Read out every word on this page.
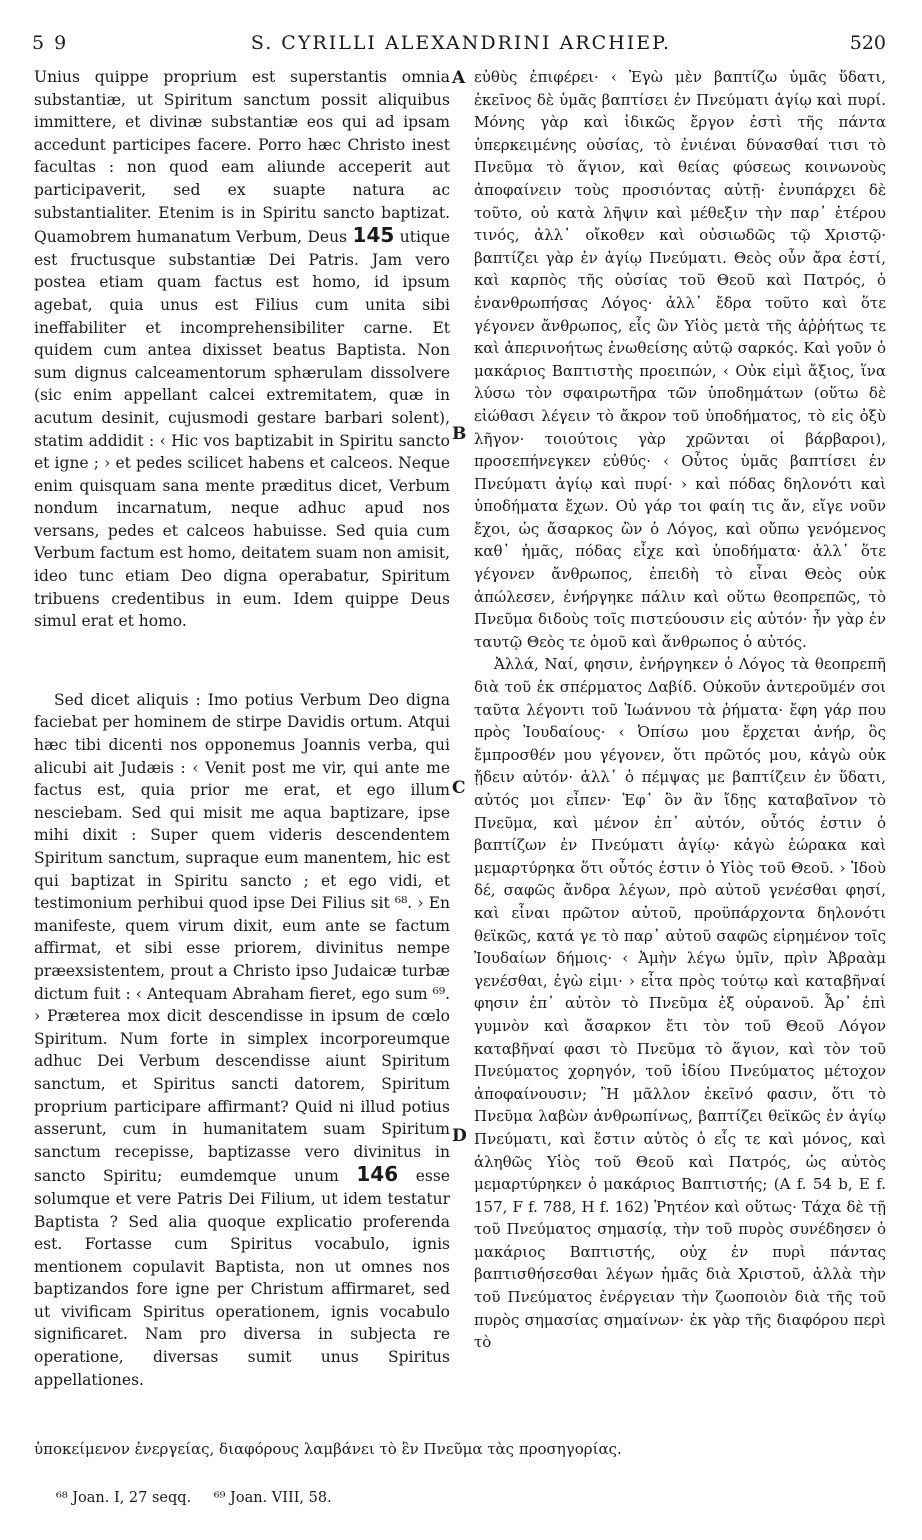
5 9	S. CYRILLI ALEXANDRINI ARCHIEP.	520

Unius quippe proprium est superstantis omnia substantiæ, ut Spiritum sanctum possit aliquibus immittere, et divinæ substantiæ eos qui ad ipsam accedunt participes facere. Porro hæc Christo inest facultas : non quod eam aliunde acceperit aut participaverit, sed ex suapte natura ac substantialiter. Etenim is in Spiritu sancto baptizat. Quamobrem humanatum Verbum, Deus 145 utique est fructusque substantiæ Dei Patris. Jam vero postea etiam quam factus est homo, id ipsum agebat, quia unus est Filius cum unita sibi ineffabiliter et incomprehensibiliter carne. Et quidem cum antea dixisset beatus Baptista. Non sum dignus calceamentorum sphærulam dissolvere (sic enim appellant calcei extremitatem, quæ in acutum desinit, cujusmodi gestare barbari solent), statim addidit : ‹ Hic vos baptizabit in Spiritu sancto et igne ; › et pedes scilicet habens et calceos. Neque enim quisquam sana mente præditus dicet, Verbum nondum incarnatum, neque adhuc apud nos versans, pedes et calceos habuisse. Sed quia cum Verbum factum est homo, deitatem suam non amisit, ideo tunc etiam Deo digna operabatur, Spiritum tribuens credentibus in eum. Idem quippe Deus simul erat et homo.

Sed dicet aliquis : Imo potius Verbum Deo digna faciebat per hominem de stirpe Davidis ortum. Atqui hæc tibi dicenti nos opponemus Joannis verba, qui alicubi ait Judæis : ‹ Venit post me vir, qui ante me factus est, quia prior me erat, et ego illum nesciebam. Sed qui misit me aqua baptizare, ipse mihi dixit : Super quem videris descendentem Spiritum sanctum, supraque eum manentem, hic est qui baptizat in Spiritu sancto ; et ego vidi, et testimonium perhibui quod ipse Dei Filius sit ⁶⁸. › En manifeste, quem virum dixit, eum ante se factum affirmat, et sibi esse priorem, divinitus nempe præexsistentem, prout a Christo ipso Judaicæ turbæ dictum fuit : ‹ Antequam Abraham fieret, ego sum ⁶⁹. › Præterea mox dicit descendisse in ipsum de cœlo Spiritum. Num forte in simplex incorporeumque adhuc Dei Verbum descendisse aiunt Spiritum sanctum, et Spiritus sancti datorem, Spiritum proprium participare affirmant? Quid ni illud potius asserunt, cum in humanitatem suam Spiritum sanctum recepisse, baptizasse vero divinitus in sancto Spiritu; eumdemque unum 146 esse solumque et vere Patris Dei Filium, ut idem testatur Baptista ? Sed alia quoque explicatio proferenda est. Fortasse cum Spiritus vocabulo, ignis mentionem copulavit Baptista, non ut omnes nos baptizandos fore igne per Christum affirmaret, sed ut vivificam Spiritus operationem, ignis vocabulo significaret. Nam pro diversa in subjecta re operatione, diversas sumit unus Spiritus appellationes.

A
B
C
D

εὐθὺς ἐπιφέρει· ‹ Ἐγὼ μὲν βαπτίζω ὑμᾶς ὕδατι, ἐκεῖνος δὲ ὑμᾶς βαπτίσει ἐν Πνεύματι ἁγίῳ καὶ πυρί. Μόνης γὰρ καὶ ἰδικῶς ἔργον ἐστὶ τῆς πάντα ὑπερκειμένης οὐσίας, τὸ ἐνιέναι δύνασθαί τισι τὸ Πνεῦμα τὸ ἅγιον, καὶ θείας φύσεως κοινωνοὺς ἀποφαίνειν τοὺς προσιόντας αὐτῇ· ἐνυπάρχει δὲ τοῦτο, οὐ κατὰ λῆψιν καὶ μέθεξιν τὴν παρ᾽ ἑτέρου τινός, ἀλλ᾽ οἴκοθεν καὶ οὐσιωδῶς τῷ Χριστῷ· βαπτίζει γὰρ ἐν ἁγίῳ Πνεύματι. Θεὸς οὖν ἄρα ἐστί, καὶ καρπὸς τῆς οὐσίας τοῦ Θεοῦ καὶ Πατρός, ὁ ἐνανθρωπήσας Λόγος· ἀλλ᾽ ἔδρα τοῦτο καὶ ὅτε γέγονεν ἄνθρωπος, εἷς ὢν Υἱὸς μετὰ τῆς ἀῤῥήτως τε καὶ ἀπερινοήτως ἑνωθείσης αὐτῷ σαρκός. Καὶ γοῦν ὁ μακάριος Βαπτιστὴς προειπών, ‹ Οὐκ εἰμὶ ἄξιος, ἵνα λύσω τὸν σφαιρωτῆρα τῶν ὑποδημάτων (οὕτω δὲ εἰώθασι λέγειν τὸ ἄκρον τοῦ ὑποδήματος, τὸ εἰς ὀξὺ λῆγον· τοιούτοις γὰρ χρῶνται οἱ βάρβαροι), προσεπήνεγκεν εὐθύς· ‹ Οὗτος ὑμᾶς βαπτίσει ἐν Πνεύματι ἁγίῳ καὶ πυρί· › καὶ πόδας δηλονότι καὶ ὑποδήματα ἔχων. Οὐ γάρ τοι φαίη τις ἄν, εἴγε νοῦν ἔχοι, ὡς ἄσαρκος ὢν ὁ Λόγος, καὶ οὔπω γενόμενος καθ᾽ ἡμᾶς, πόδας εἶχε καὶ ὑποδήματα· ἀλλ᾽ ὅτε γέγονεν ἄνθρωπος, ἐπειδὴ τὸ εἶναι Θεὸς οὐκ ἀπώλεσεν, ἐνήργηκε πάλιν καὶ οὕτω θεοπρεπῶς, τὸ Πνεῦμα διδοὺς τοῖς πιστεύουσιν εἰς αὐτόν· ἦν γὰρ ἐν ταυτῷ Θεὸς τε ὁμοῦ καὶ ἄνθρωπος ὁ αὐτός.

Ἀλλά, Ναί, φησιν, ἐνήργηκεν ὁ Λόγος τὰ θεοπρεπῆ διὰ τοῦ ἐκ σπέρματος Δαβίδ. Οὐκοῦν ἀντεροῦμέν σοι ταῦτα λέγοντι τοῦ Ἰωάννου τὰ ῥήματα· ἔφη γάρ που πρὸς Ἰουδαίους· ‹ Ὀπίσω μου ἔρχεται ἀνήρ, ὃς ἔμπροσθέν μου γέγονεν, ὅτι πρῶτός μου, κἀγὼ οὐκ ᾔδειν αὐτόν· ἀλλ᾽ ὁ πέμψας με βαπτίζειν ἐν ὕδατι, αὐτός μοι εἶπεν· Ἐφ᾽ ὃν ἂν ἴδῃς καταβαῖνον τὸ Πνεῦμα, καὶ μένον ἐπ᾽ αὐτόν, οὗτός ἐστιν ὁ βαπτίζων ἐν Πνεύματι ἁγίῳ· κἀγὼ ἑώρακα καὶ μεμαρτύρηκα ὅτι οὗτός ἐστιν ὁ Υἱὸς τοῦ Θεοῦ. › Ἰδοὺ δέ, σαφῶς ἄνδρα λέγων, πρὸ αὐτοῦ γενέσθαι φησί, καὶ εἶναι πρῶτον αὐτοῦ, προϋπάρχοντα δηλονότι θεϊκῶς, κατά γε τὸ παρ᾽ αὐτοῦ σαφῶς εἰρημένον τοῖς Ἰουδαίων δήμοις· ‹ Ἀμὴν λέγω ὑμῖν, πρὶν Ἀβραὰμ γενέσθαι, ἐγὼ εἰμι· › εἶτα πρὸς τούτῳ καὶ καταβῆναί φησιν ἐπ᾽ αὐτὸν τὸ Πνεῦμα ἐξ οὐρανοῦ. Ἆρ᾽ ἐπὶ γυμνὸν καὶ ἄσαρκον ἔτι τὸν τοῦ Θεοῦ Λόγον καταβῆναί φασι τὸ Πνεῦμα τὸ ἅγιον, καὶ τὸν τοῦ Πνεύματος χορηγόν, τοῦ ἰδίου Πνεύματος μέτοχον ἀποφαίνουσιν; Ἢ μᾶλλον ἐκεῖνό φασιν, ὅτι τὸ Πνεῦμα λαβὼν ἀνθρωπίνως, βαπτίζει θεϊκῶς ἐν ἁγίῳ Πνεύματι, καὶ ἔστιν αὐτὸς ὁ εἷς τε καὶ μόνος, καὶ ἀληθῶς Υἱὸς τοῦ Θεοῦ καὶ Πατρός, ὡς αὐτὸς μεμαρτύρηκεν ὁ μακάριος Βαπτιστής; (A f. 54 b, E f. 157, F f. 788, H f. 162) Ῥητέον καὶ οὕτως· Τάχα δὲ τῇ τοῦ Πνεύματος σημασίᾳ, τὴν τοῦ πυρὸς συνέδησεν ὁ μακάριος Βαπτιστής, οὐχ ἐν πυρὶ πάντας βαπτισθήσεσθαι λέγων ἡμᾶς διὰ Χριστοῦ, ἀλλὰ τὴν τοῦ Πνεύματος ἐνέργειαν τὴν ζωοποιὸν διὰ τῆς τοῦ πυρὸς σημασίας σημαίνων· ἐκ γὰρ τῆς διαφόρου περὶ τὸ

ὑποκείμενον ἐνεργείας, διαφόρους λαμβάνει τὸ ἓν Πνεῦμα τὰς προσηγορίας.
⁶⁸ Joan. I, 27 seqq. ⁶⁹ Joan. VIII, 58.
